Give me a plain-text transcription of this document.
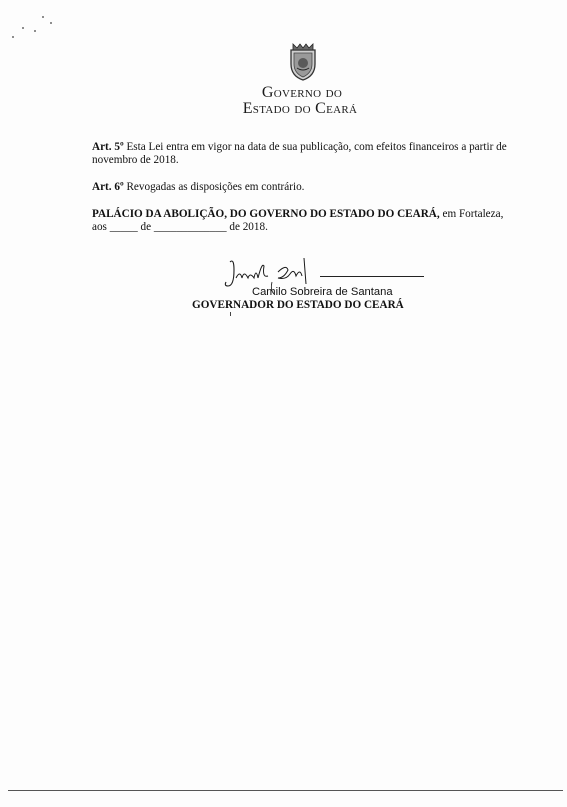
Governo do
Estado do Ceará
Art. 5º Esta Lei entra em vigor na data de sua publicação, com efeitos financeiros a partir de
novembro de 2018.
Art. 6º Revogadas as disposições em contrário.
PALÁCIO DA ABOLIÇÃO, DO GOVERNO DO ESTADO DO CEARÁ, em Fortaleza,
aos _____ de _____________ de 2018.
Camilo Sobreira de Santana
GOVERNADOR DO ESTADO DO CEARÁ
